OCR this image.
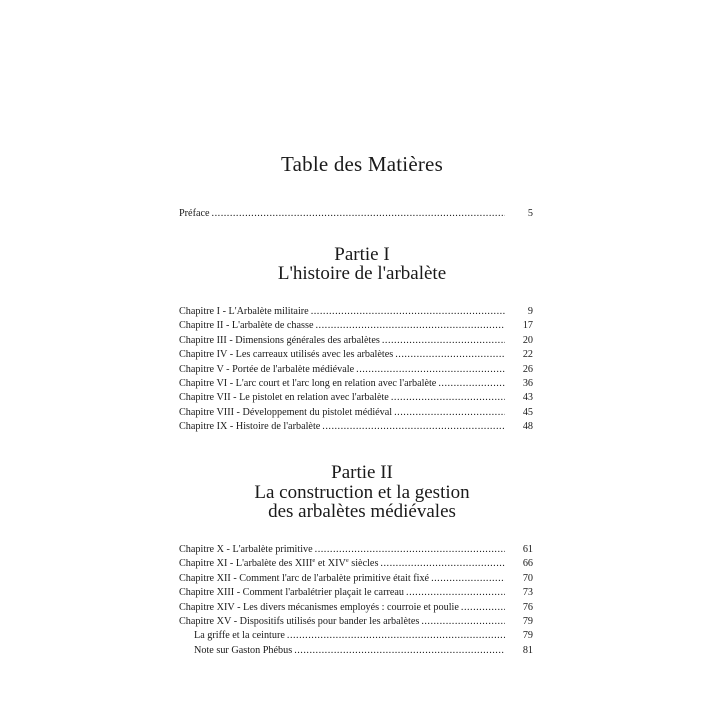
Table des Matières
Préface .....	5
Partie I
L'histoire de l'arbalète
Chapitre I - L'Arbalète militaire .....	9
Chapitre II - L'arbalète de chasse .....	17
Chapitre III - Dimensions générales des arbalètes .....	20
Chapitre IV - Les carreaux utilisés avec les arbalètes .....	22
Chapitre V - Portée de l'arbalète médiévale .....	26
Chapitre VI - L'arc court et l'arc long en relation avec l'arbalète .....	36
Chapitre VII - Le pistolet en relation avec l'arbalète .....	43
Chapitre VIII - Développement du pistolet médiéval .....	45
Chapitre IX - Histoire de l'arbalète .....	48
Partie II
La construction et la gestion
des arbalètes médiévales
Chapitre X - L'arbalète primitive .....	61
Chapitre XI - L'arbalète des XIIIe et XIVe siècles .....	66
Chapitre XII - Comment l'arc de l'arbalète primitive était fixé .....	70
Chapitre XIII - Comment l'arbalétrier plaçait le carreau .....	73
Chapitre XIV - Les divers mécanismes employés : courroie et poulie .....	76
Chapitre XV - Dispositifs utilisés pour bander les arbalètes .....	79
La griffe et la ceinture .....	79
Note sur Gaston Phébus .....	81
